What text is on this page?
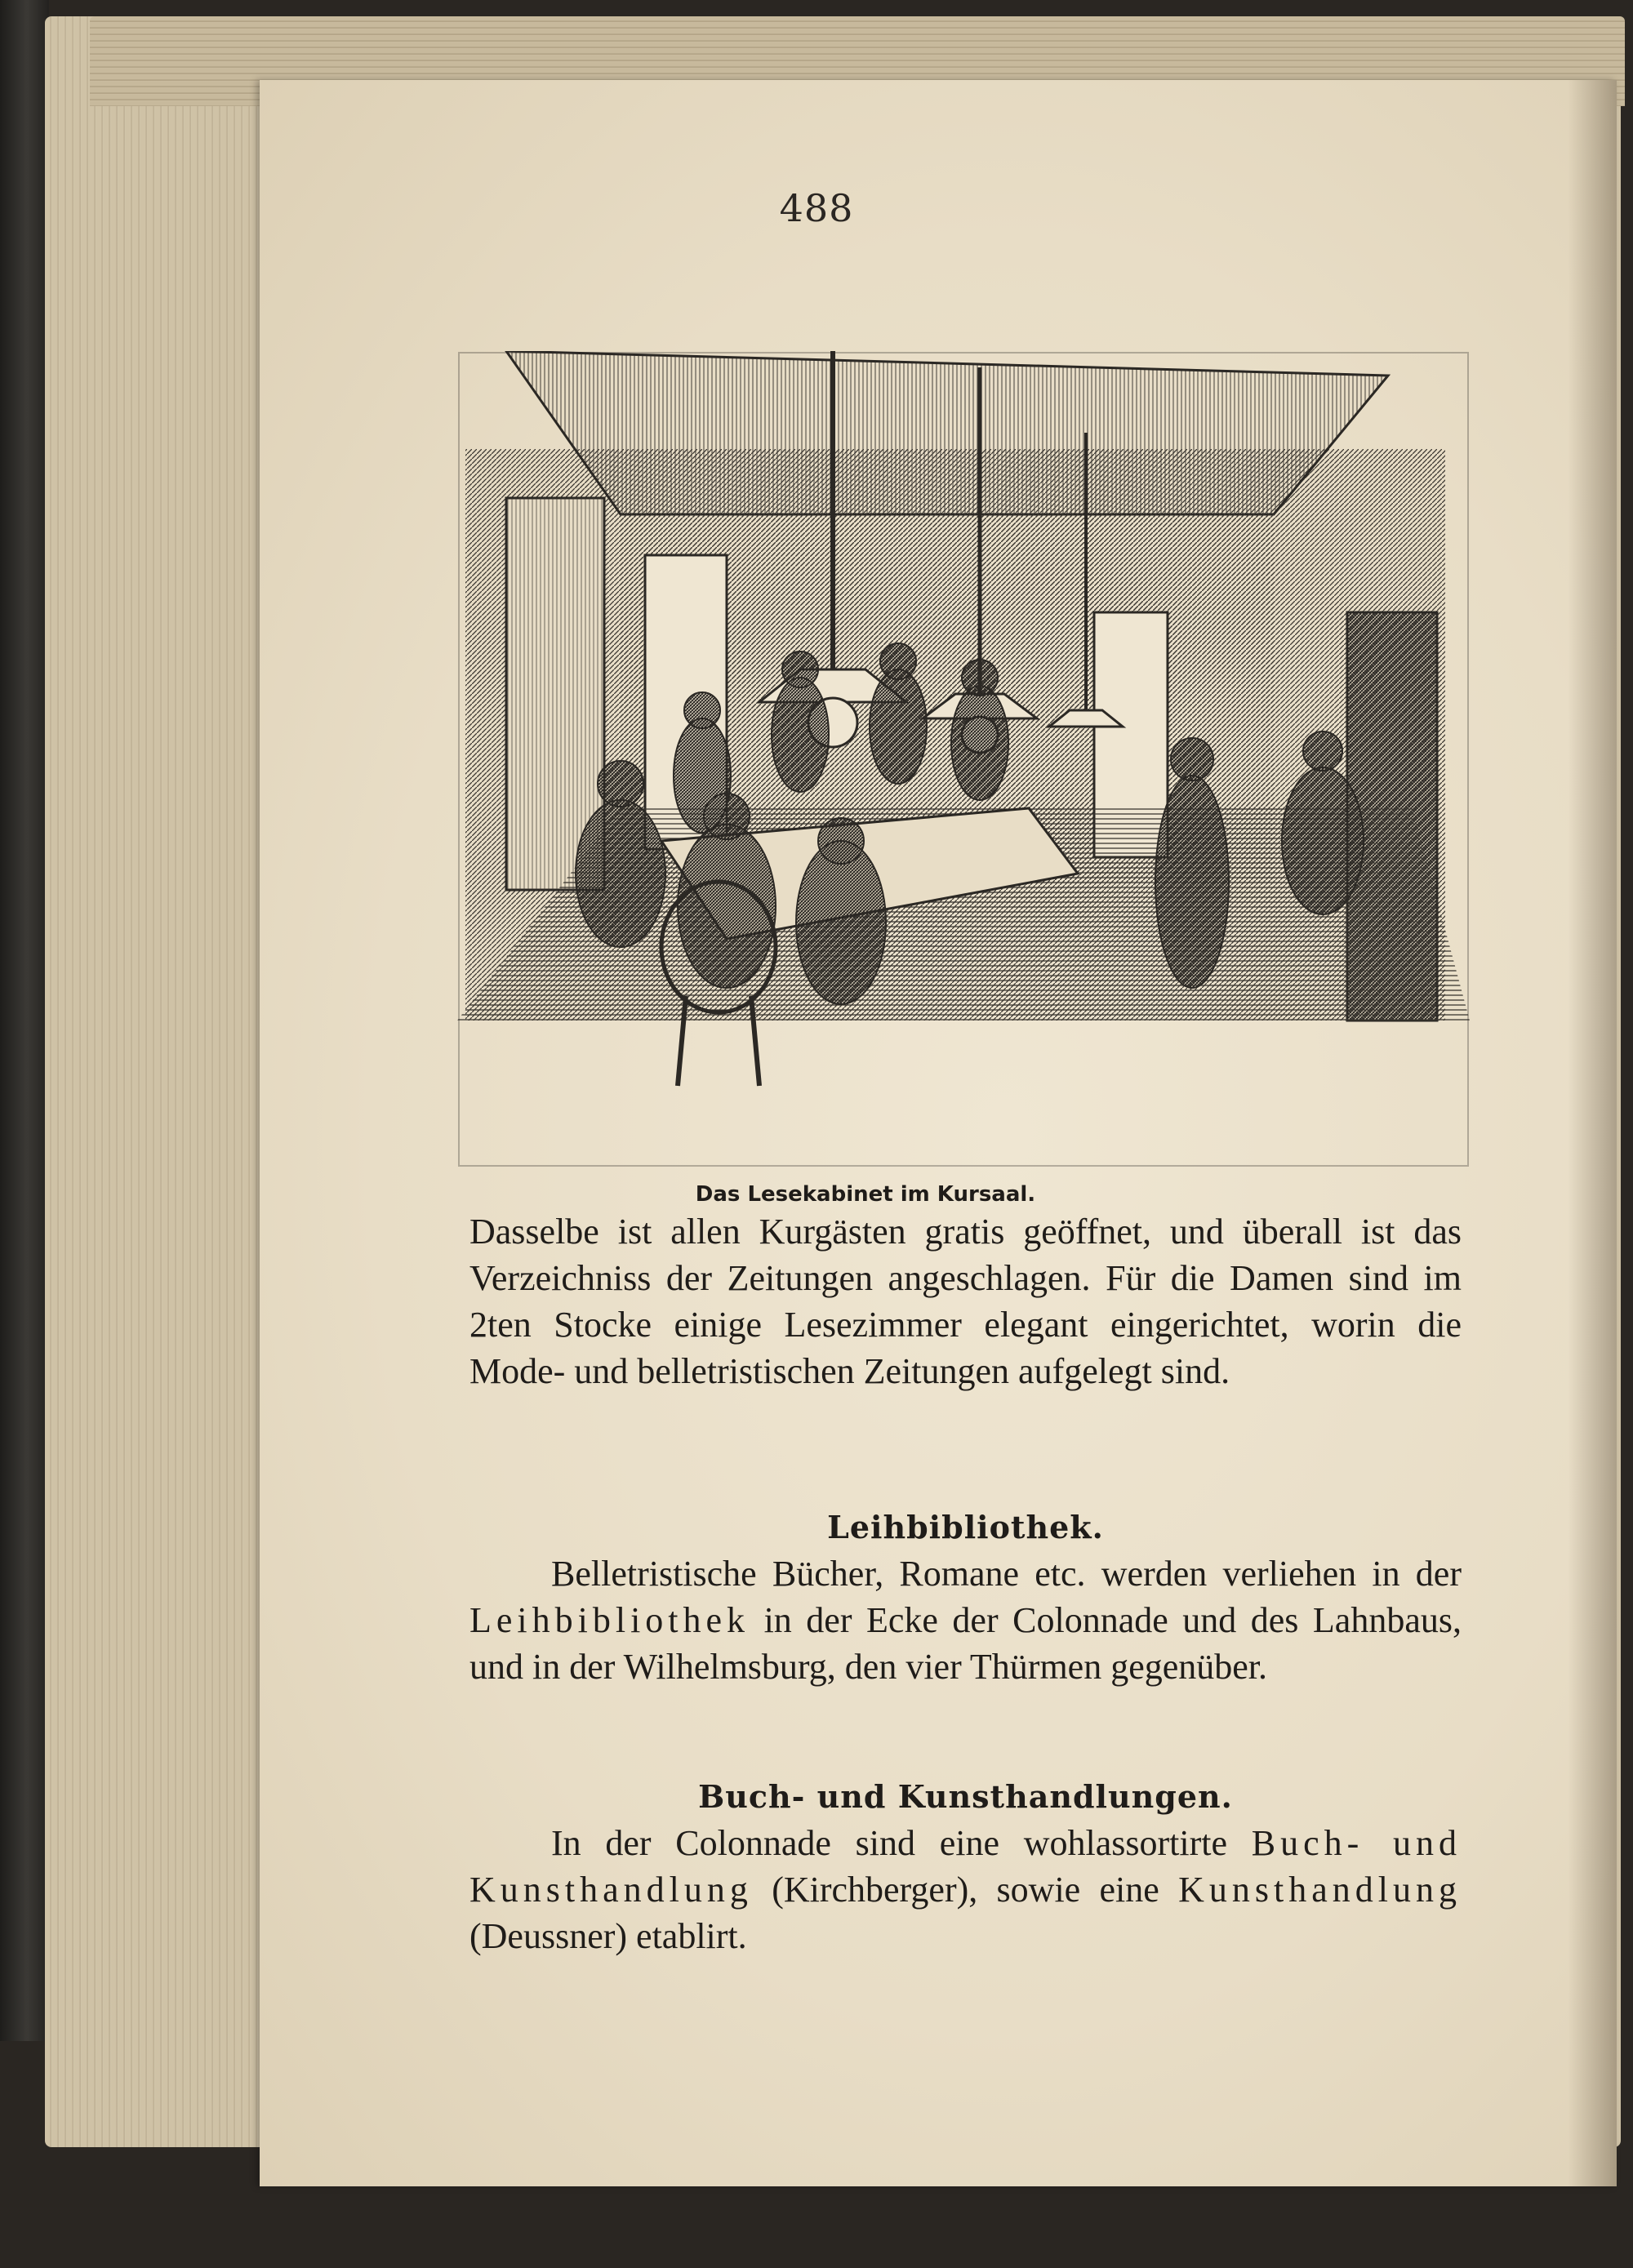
488
Das Lesekabinet im Kursaal.

Dasselbe ist allen Kurgästen gratis geöffnet, und überall ist das Verzeichniss der Zeitungen angeschlagen. Für die Damen sind im 2ten Stocke einige Lesezimmer elegant eingerichtet, worin die Mode- und belletristischen Zeitungen aufgelegt sind.

Leihbibliothek.

Belletristische Bücher, Romane etc. werden verliehen in der Leihbibliothek in der Ecke der Colonnade und des Lahnbaus, und in der Wilhelmsburg, den vier Thürmen gegenüber.

Buch- und Kunsthandlungen.

In der Colonnade sind eine wohlassortirte Buch- und Kunsthandlung (Kirchberger), sowie eine Kunsthandlung (Deussner) etablirt.
